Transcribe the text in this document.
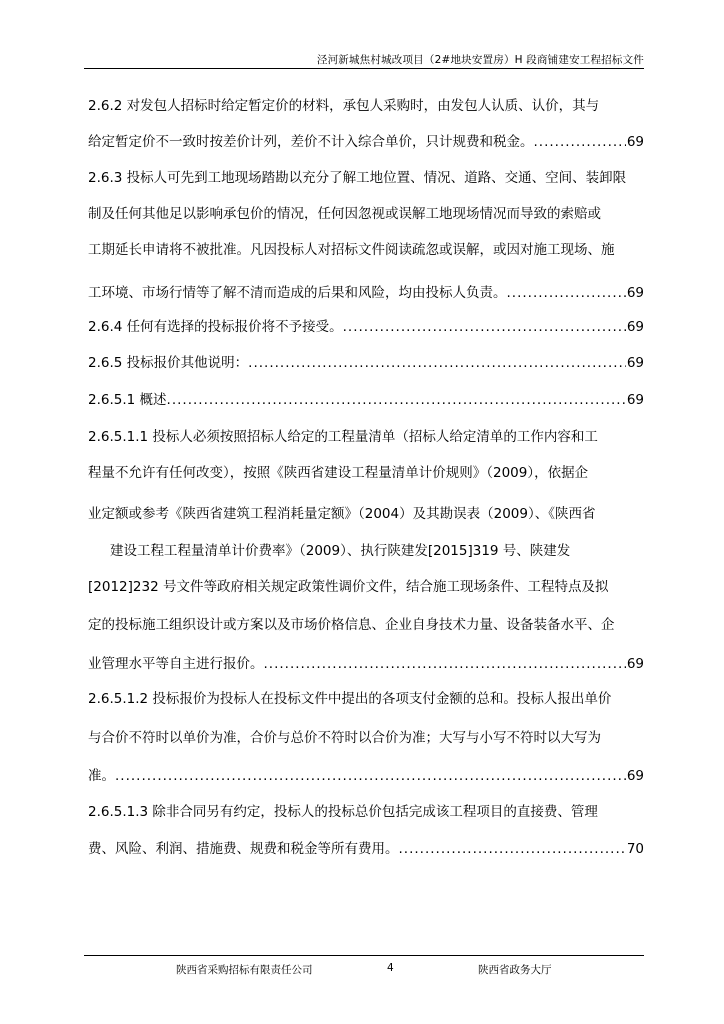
泾河新城焦村城改项目（2#地块安置房）H 段商铺建安工程招标文件
2.6.2 对发包人招标时给定暂定价的材料，承包人采购时，由发包人认质、认价，其与
给定暂定价不一致时按差价计列，差价不计入综合单价，只计规费和税金。 .....	69
2.6.3 投标人可先到工地现场踏勘以充分了解工地位置、情况、道路、交通、空间、装卸限
制及任何其他足以影响承包价的情况，任何因忽视或误解工地现场情况而导致的索赔或
工期延长申请将不被批准。凡因投标人对招标文件阅读疏忽或误解，或因对施工现场、施
工环境、市场行情等了解不清而造成的后果和风险，均由投标人负责。 .....	69
2.6.4 任何有选择的投标报价将不予接受。 .....	69
2.6.5 投标报价其他说明： .....	69
2.6.5.1 概述 .....	69
2.6.5.1.1 投标人必须按照招标人给定的工程量清单（招标人给定清单的工作内容和工
程量不允许有任何改变），按照《陕西省建设工程量清单计价规则》（2009），依据企
业定额或参考《陕西省建筑工程消耗量定额》（2004）及其勘误表（2009）、《陕西省
建设工程工程量清单计价费率》（2009）、执行陕建发[2015]319 号、陕建发
[2012]232 号文件等政府相关规定政策性调价文件，结合施工现场条件、工程特点及拟
定的投标施工组织设计或方案以及市场价格信息、企业自身技术力量、设备装备水平、企
业管理水平等自主进行报价。 .....	69
2.6.5.1.2 投标报价为投标人在投标文件中提出的各项支付金额的总和。投标人报出单价
与合价不符时以单价为准，合价与总价不符时以合价为准；大写与小写不符时以大写为
准。 .....	69
2.6.5.1.3 除非合同另有约定，投标人的投标总价包括完成该工程项目的直接费、管理
费、风险、利润、措施费、规费和税金等所有费用。 .....	70
陕西省采购招标有限责任公司	4	陕西省政务大厅
